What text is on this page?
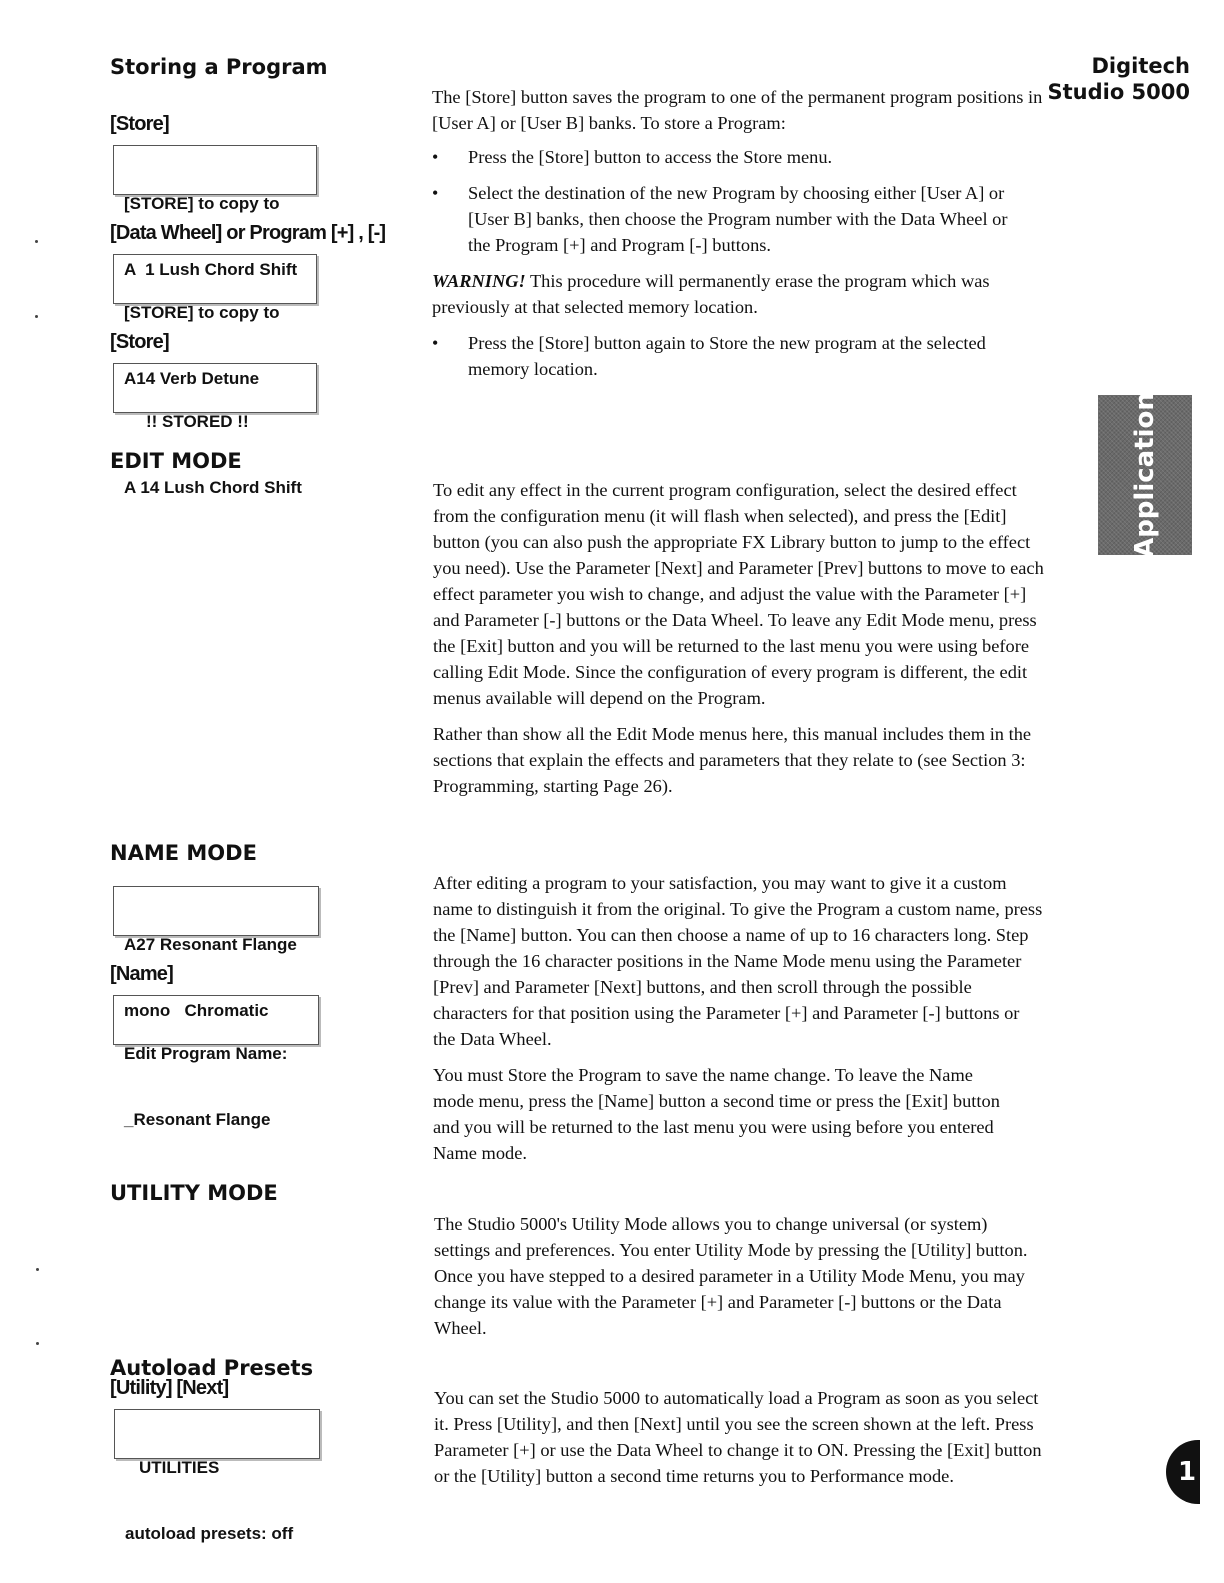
Digitech
Studio 5000
Application
1
Storing a Program
[Store]

[STORE] to copy to

A  1 Lush Chord Shift

[Data Wheel] or Program [+] , [-]

[STORE] to copy to

A14 Verb Detune

[Store]

!! STORED !!

A 14 Lush Chord Shift

The [Store] button saves the program to one of the permanent program positions in [User A] or [User B] banks. To store a Program:

• Press the [Store] button to access the Store menu.
• Select the destination of the new Program by choosing either [User A] or [User B] banks, then choose the Program number with the Data Wheel or the Program [+] and Program [-] buttons.

WARNING! This procedure will permanently erase the program which was previously at that selected memory location.

• Press the [Store] button again to Store the new program at the selected memory location.
EDIT MODE

To edit any effect in the current program configuration, select the desired effect from the configuration menu (it will flash when selected), and press the [Edit] button (you can also push the appropriate FX Library button to jump to the effect you need). Use the Parameter [Next] and Parameter [Prev] buttons to move to each effect parameter you wish to change, and adjust the value with the Parameter [+] and Parameter [-] buttons or the Data Wheel. To leave any Edit Mode menu, press the [Exit] button and you will be returned to the last menu you were using before calling Edit Mode. Since the configuration of every program is different, the edit menus available will depend on the Program.

Rather than show all the Edit Mode menus here, this manual includes them in the sections that explain the effects and parameters that they relate to (see Section 3: Programming, starting Page 26).

NAME MODE

A27 Resonant Flange

mono   Chromatic

[Name]

Edit Program Name:

_Resonant Flange

After editing a program to your satisfaction, you may want to give it a custom name to distinguish it from the original. To give the Program a custom name, press the [Name] button. You can then choose a name of up to 16 characters long. Step through the 16 character positions in the Name Mode menu using the Parameter [Prev] and Parameter [Next] buttons, and then scroll through the possible characters for that position using the Parameter [+] and Parameter [-] buttons or the Data Wheel.

You must Store the Program to save the name change. To leave the Name mode menu, press the [Name] button a second time or press the [Exit] button and you will be returned to the last menu you were using before you entered Name mode.

UTILITY MODE

The Studio 5000's Utility Mode allows you to change universal (or system) settings and preferences. You enter Utility Mode by pressing the [Utility] button. Once you have stepped to a desired parameter in a Utility Mode Menu, you may change its value with the Parameter [+] and Parameter [-] buttons or the Data Wheel.

Autoload Presets
[Utility] [Next]

UTILITIES

autoload presets: off

You can set the Studio 5000 to automatically load a Program as soon as you select it. Press [Utility], and then [Next] until you see the screen shown at the left. Press Parameter [+] or use the Data Wheel to change it to ON. Pressing the [Exit] button or the [Utility] button a second time returns you to Performance mode.
